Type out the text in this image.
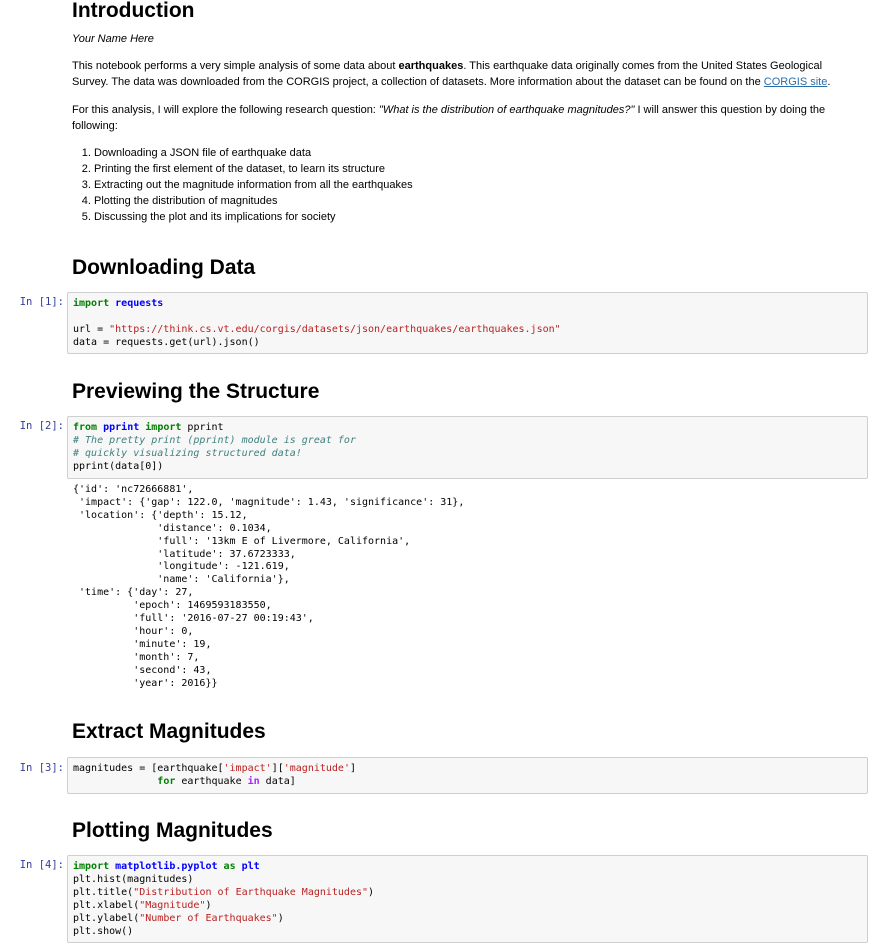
Introduction

Your Name Here

This notebook performs a very simple analysis of some data about earthquakes. This earthquake data originally comes from the United States Geological Survey. The data was downloaded from the CORGIS project, a collection of datasets. More information about the dataset can be found on the CORGIS site.

For this analysis, I will explore the following research question: "What is the distribution of earthquake magnitudes?" I will answer this question by doing the following:

1. Downloading a JSON file of earthquake data
2. Printing the first element of the dataset, to learn its structure
3. Extracting out the magnitude information from all the earthquakes
4. Plotting the distribution of magnitudes
5. Discussing the plot and its implications for society
Downloading Data
In [1]: import requests

url = "https://think.cs.vt.edu/corgis/datasets/json/earthquakes/earthquakes.json"
data = requests.get(url).json()
Previewing the Structure
In [2]: from pprint import pprint
# The pretty print (pprint) module is great for
# quickly visualizing structured data!
pprint(data[0])
{'id': 'nc72666881',
'impact': {'gap': 122.0, 'magnitude': 1.43, 'significance': 31},
'location': {'depth': 15.12,
'distance': 0.1034,
'full': '13km E of Livermore, California',
'latitude': 37.6723333,
'longitude': -121.619,
'name': 'California'},
'time': {'day': 27,
'epoch': 1469593183550,
'full': '2016-07-27 00:19:43',
'hour': 0,
'minute': 19,
'month': 7,
'second': 43,
'year': 2016}}
Extract Magnitudes
In [3]: magnitudes = [earthquake['impact']['magnitude']
for earthquake in data]
Plotting Magnitudes
In [4]: import matplotlib.pyplot as plt
plt.hist(magnitudes)
plt.title("Distribution of Earthquake Magnitudes")
plt.xlabel("Magnitude")
plt.ylabel("Number of Earthquakes")
plt.show()
